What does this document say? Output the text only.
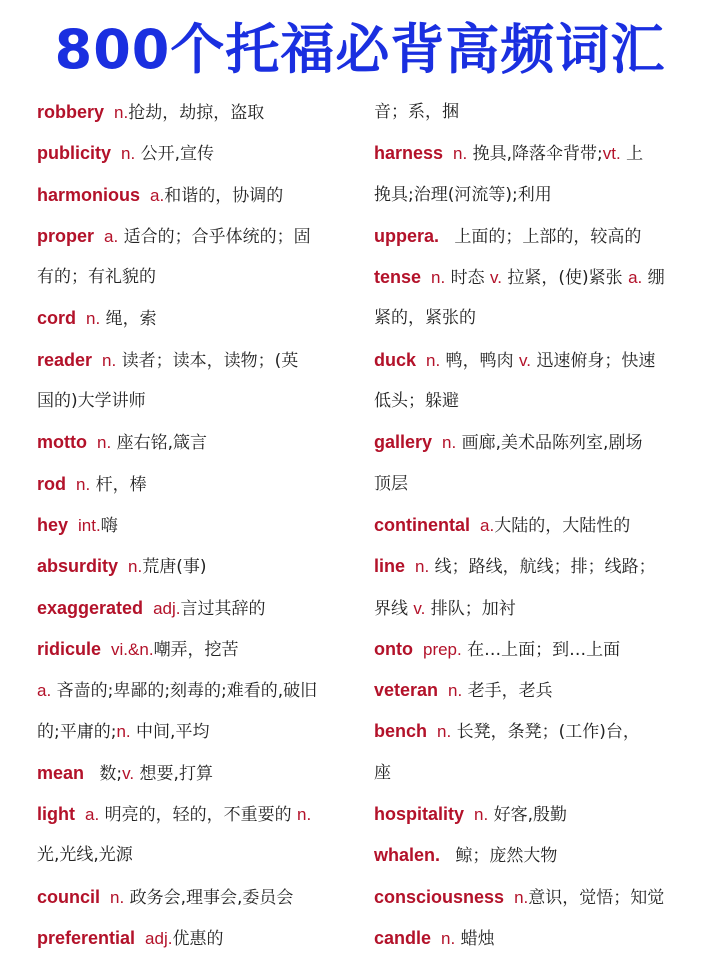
800个托福必背高频词汇
robbery n.抢劫，劫掠，盗取
publicity n. 公开,宣传
harmonious a.和谐的，协调的
proper a. 适合的；合乎体统的；固
有的；有礼貌的
cord n. 绳，索
reader n. 读者；读本，读物；(英
国的)大学讲师
motto n. 座右铭,箴言
rod n. 杆，棒
hey int.嗨
absurdity n.荒唐(事)
exaggerated adj.言过其辞的
ridicule vi.&n.嘲弄，挖苦
a. 吝啬的;卑鄙的;刻毒的;难看的,破旧
的;平庸的;n. 中间,平均
mean 数;v. 想要,打算
light a. 明亮的，轻的，不重要的 n.
光,光线,光源
council n. 政务会,理事会,委员会
preferential adj.优惠的
音；系，捆
harness n. 挽具,降落伞背带;vt. 上
挽具;治理(河流等);利用
uppera. 上面的；上部的，较高的
tense n. 时态 v. 拉紧，(使)紧张 a. 绷
紧的，紧张的
duck n. 鸭，鸭肉 v. 迅速俯身；快速
低头；躲避
gallery n. 画廊,美术品陈列室,剧场
顶层
continental a.大陆的，大陆性的
line n. 线；路线，航线；排；线路；
界线 v. 排队；加衬
onto prep. 在…上面；到…上面
veteran n. 老手，老兵
bench n. 长凳，条凳；(工作)台，
座
hospitality n. 好客,殷勤
whalen. 鲸；庞然大物
consciousness n.意识，觉悟；知觉
candle n. 蜡烛
